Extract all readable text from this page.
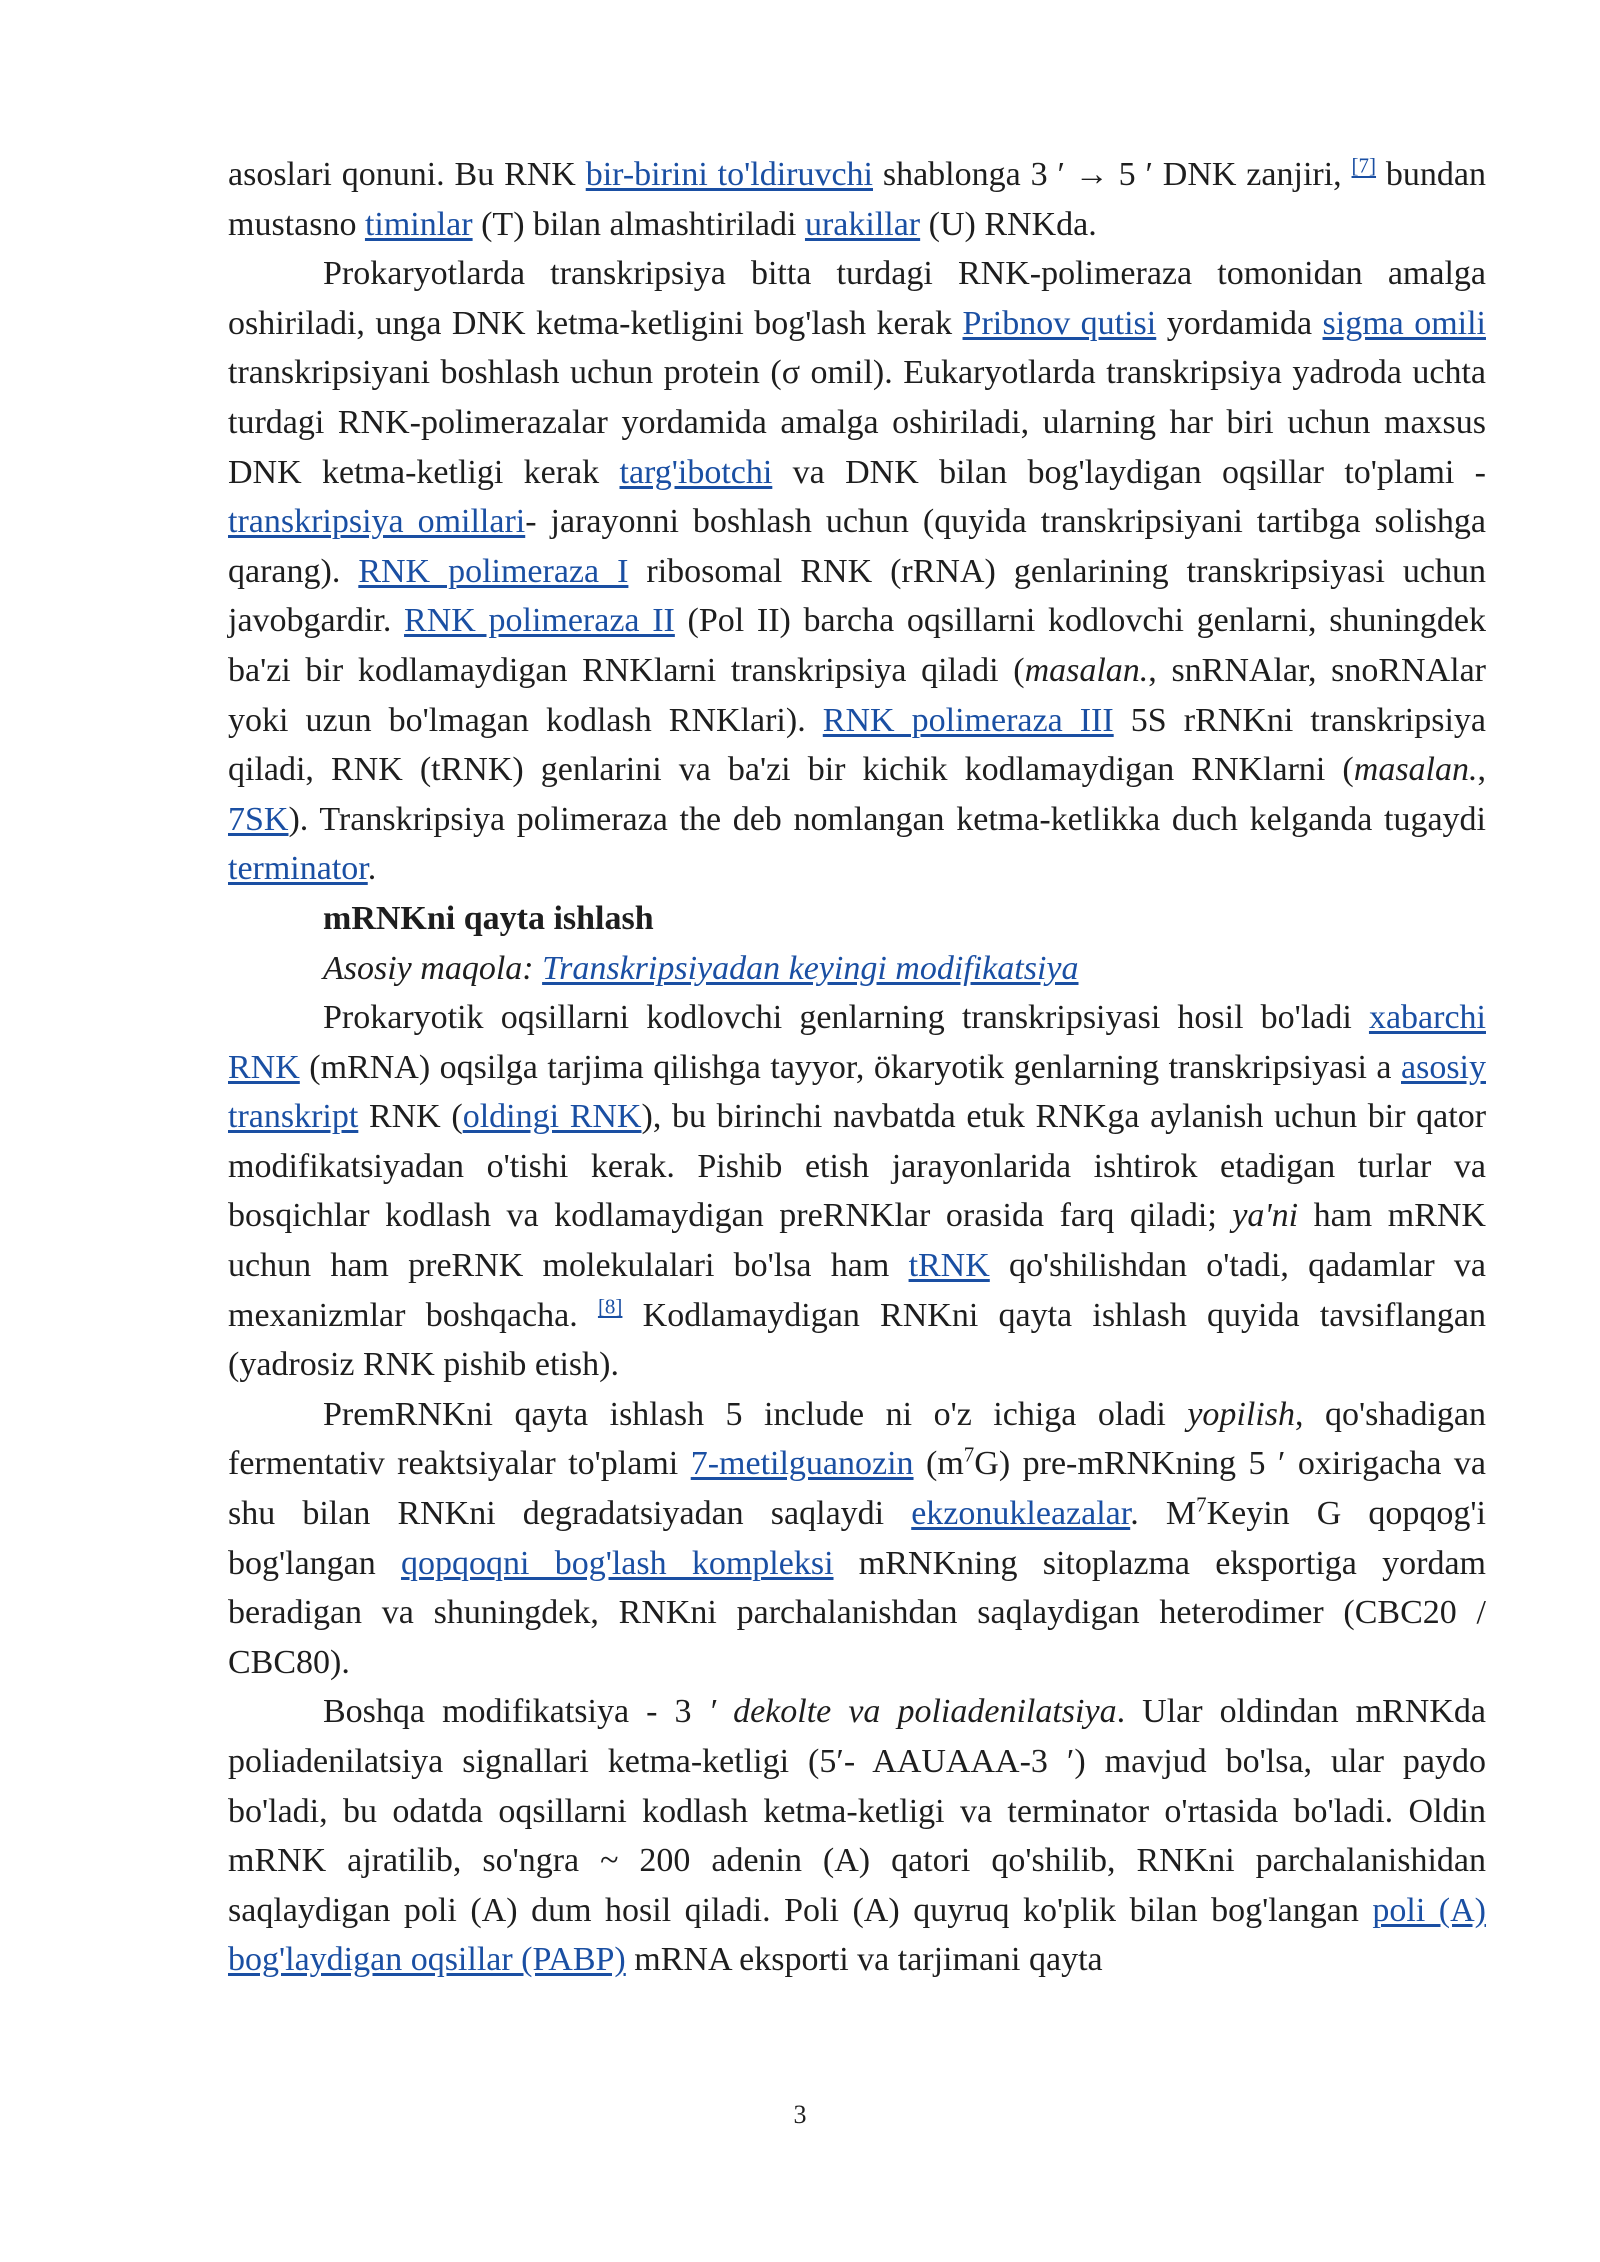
asoslari qonuni. Bu RNK bir-birini to'ldiruvchi shablonga 3 ′ → 5 ′ DNK zanjiri, [7] bundan mustasno timinlar (T) bilan almashtiriladi urakillar (U) RNKda.

Prokaryotlarda transkripsiya bitta turdagi RNK-polimeraza tomonidan amalga oshiriladi, unga DNK ketma-ketligini bog'lash kerak Pribnov qutisi yordamida sigma omili transkripsiyani boshlash uchun protein (σ omil). Eukaryotlarda transkripsiya yadroda uchta turdagi RNK-polimerazalar yordamida amalga oshiriladi, ularning har biri uchun maxsus DNK ketma-ketligi kerak targ'ibotchi va DNK bilan bog'laydigan oqsillar to'plami -transkripsiya omillari- jarayonni boshlash uchun (quyida transkripsiyani tartibga solishga qarang). RNK polimeraza I ribosomal RNK (rRNA) genlarining transkripsiyasi uchun javobgardir. RNK polimeraza II (Pol II) barcha oqsillarni kodlovchi genlarni, shuningdek ba'zi bir kodlamaydigan RNKlarni transkripsiya qiladi (masalan., snRNAlar, snoRNAlar yoki uzun bo'lmagan kodlash RNKlari). RNK polimeraza III 5S rRNKni transkripsiya qiladi, RNK (tRNK) genlarini va ba'zi bir kichik kodlamaydigan RNKlarni (masalan., 7SK). Transkripsiya polimeraza the deb nomlangan ketma-ketlikka duch kelganda tugaydi terminator.

mRNKni qayta ishlash

Asosiy maqola: Transkripsiyadan keyingi modifikatsiya

Prokaryotik oqsillarni kodlovchi genlarning transkripsiyasi hosil bo'ladi xabarchi RNK (mRNA) oqsilga tarjima qilishga tayyor, ökaryotik genlarning transkripsiyasi a asosiy transkript RNK (oldingi RNK), bu birinchi navbatda etuk RNKga aylanish uchun bir qator modifikatsiyadan o'tishi kerak. Pishib etish jarayonlarida ishtirok etadigan turlar va bosqichlar kodlash va kodlamaydigan preRNKlar orasida farq qiladi; ya'ni ham mRNK uchun ham preRNK molekulalari bo'lsa ham tRNK qo'shilishdan o'tadi, qadamlar va mexanizmlar boshqacha. [8] Kodlamaydigan RNKni qayta ishlash quyida tavsiflangan (yadrosiz RNK pishib etish).

PremRNKni qayta ishlash 5 include ni o'z ichiga oladi yopilish, qo'shadigan fermentativ reaktsiyalar to'plami 7-metilguanozin $(m^7G)$ pre-mRNKning 5 ′ oxirigacha va shu bilan RNKni degradatsiyadan saqlaydi ekzonukleazalar. $M^7Keyin$ G qopqog'i bog'langan qopqoqni bog'lash kompleksi mRNKning sitoplazma eksportiga yordam beradigan va shuningdek, RNKni parchalanishdan saqlaydigan heterodimer (CBC20 / CBC80).

Boshqa modifikatsiya - 3 ′ dekolte va poliadenilatsiya. Ular oldindan mRNKda poliadenilatsiya signallari ketma-ketligi (5′- AAUAAA-3 ′) mavjud bo'lsa, ular paydo bo'ladi, bu odatda oqsillarni kodlash ketma-ketligi va terminator o'rtasida bo'ladi. Oldin mRNK ajratilib, so'ngra ~ 200 adenin (A) qatori qo'shilib, RNKni parchalanishidan saqlaydigan poli (A) dum hosil qiladi. Poli (A) quyruq ko'plik bilan bog'langan poli (A) bog'laydigan oqsillar (PABP) mRNA eksporti va tarjimani qayta

3
